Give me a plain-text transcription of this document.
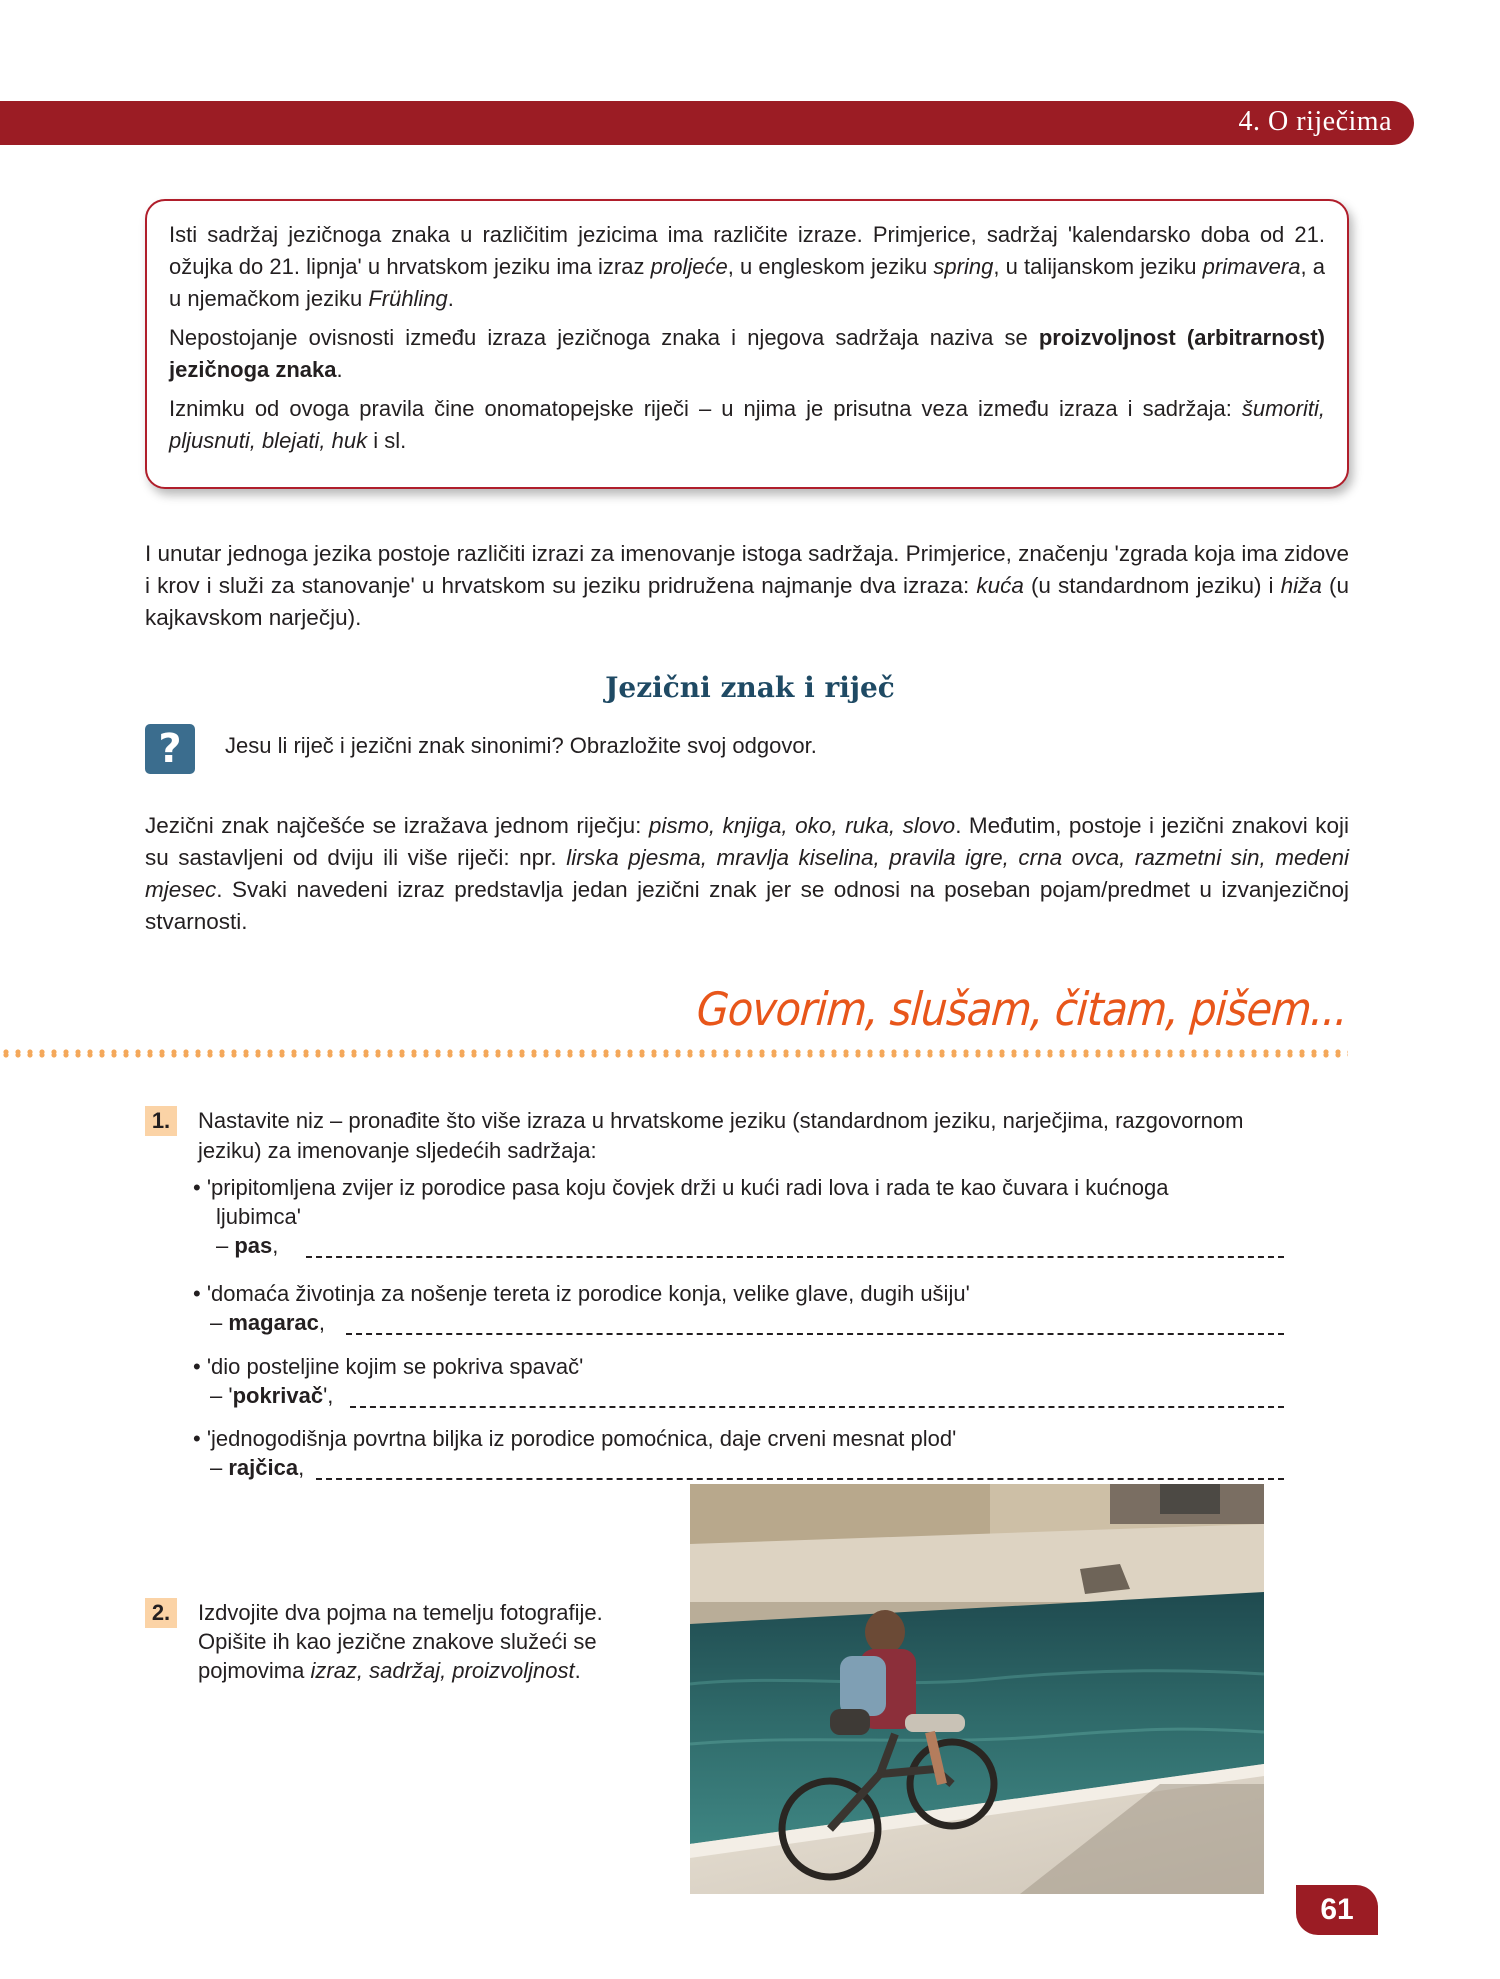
4. O riječima

Isti sadržaj jezičnoga znaka u različitim jezicima ima različite izraze. Primjerice, sadržaj 'kalendarsko doba od 21. ožujka do 21. lipnja' u hrvatskom jeziku ima izraz proljeće, u engleskom jeziku spring, u talijanskom jeziku primavera, a u njemačkom jeziku Frühling.

Nepostojanje ovisnosti između izraza jezičnoga znaka i njegova sadržaja naziva se proizvoljnost (arbitrarnost) jezičnoga znaka.

Iznimku od ovoga pravila čine onomatopejske riječi – u njima je prisutna veza između izraza i sadržaja: šumoriti, pljusnuti, blejati, huk i sl.

I unutar jednoga jezika postoje različiti izrazi za imenovanje istoga sadržaja. Primjerice, značenju 'zgrada koja ima zidove i krov i služi za stanovanje' u hrvatskom su jeziku pridružena najmanje dva izraza: kuća (u standardnom jeziku) i hiža (u kajkavskom narječju).

Jezični znak i riječ
?	Jesu li riječ i jezični znak sinonimi? Obrazložite svoj odgovor.

Jezični znak najčešće se izražava jednom riječju: pismo, knjiga, oko, ruka, slovo. Međutim, postoje i jezični znakovi koji su sastavljeni od dviju ili više riječi: npr. lirska pjesma, mravlja kiselina, pravila igre, crna ovca, razmetni sin, medeni mjesec. Svaki navedeni izraz predstavlja jedan jezični znak jer se odnosi na poseban pojam/predmet u izvanjezičnoj stvarnosti.

Govorim, slušam, čitam, pišem...
1.	Nastavite niz – pronađite što više izraza u hrvatskome jeziku (standardnom jeziku, narječjima, razgovornom jeziku) za imenovanje sljedećih sadržaja:

• 'pripitomljena zvijer iz porodice pasa koju čovjek drži u kući radi lova i rada te kao čuvara i kućnoga

ljubimca'

– pas,

• 'domaća životinja za nošenje tereta iz porodice konja, velike glave, dugih ušiju'

– magarac,

• 'dio posteljine kojim se pokriva spavač'

– 'pokrivač',

• 'jednogodišnja povrtna biljka iz porodice pomoćnica, daje crveni mesnat plod'

– rajčica,
2.	Izdvojite dva pojma na temelju fotografije.

Opišite ih kao jezične znakove služeći se

pojmovima izraz, sadržaj, proizvoljnost.

61
